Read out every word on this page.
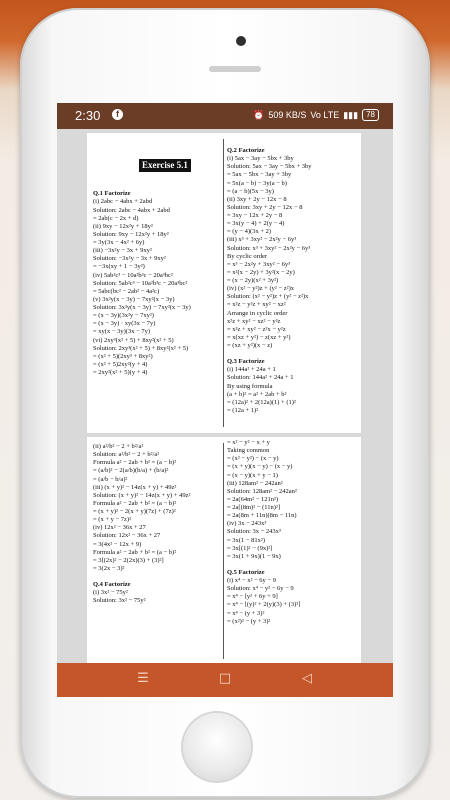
2:30	f	⏰ 509 KB/S Vo LTE ▮▮▮	78
Exercise 5.1
Q.1 Factorize
(i) 2abc − 4abx + 2abd
Solution: 2abc − 4abx + 2abd
= 2ab(c − 2x + d)
(ii) 9xy − 12x²y + 18y²
Solution: 9xy − 12x²y + 18y²
= 3y(3x − 4x² + 6y)
(iii) −3x²y − 3x + 9xy²
Solution: −3x²y − 3x + 9xy²
= −3x(xy + 1 − 3y²)
(iv) 5ab²c³ − 10a²b³c − 20a³bc²
Solution: 5ab²c³ − 10a²b³c − 20a³bc²
= 5abc(bc² − 2ab² − 4a²c)
(v) 3x²y(x − 3y) − 7xy²(x − 3y)
Solution: 3x²y(x − 3y) − 7xy²(x − 3y)
= (x − 3y)(3x²y − 7xy²)
= (x − 3y) · xy(3x − 7y)
= xy(x − 3y)(3x − 7y)
(vi) 2xy³(x² + 5) + 8xy²(x² + 5)
Solution: 2xy³(x² + 5) + 8xy²(x² + 5)
= (x² + 5)(2xy³ + 8xy²)
= (x² + 5)2xy²(y + 4)
= 2xy²(x² + 5)(y + 4)
Q.2 Factorize
(i) 5ax − 3ay − 5bx + 3by
Solution: 5ax − 3ay − 5bx + 3by
= 5ax − 5bx − 3ay + 3by
= 5x(a − b) − 3y(a − b)
= (a − b)(5x − 3y)
(ii) 3xy + 2y − 12x − 8
Solution: 3xy + 2y − 12x − 8
= 3xy − 12x + 2y − 8
= 3x(y − 4) + 2(y − 4)
= (y − 4)(3x + 2)
(iii) x³ + 3xy² − 2x²y − 6y³
Solution: x³ + 3xy² − 2x²y − 6y³
By cyclic order
= x³ − 2x²y + 3xy² − 6y³
= x²(x − 2y) + 3y²(x − 2y)
= (x − 2y)(x² + 3y²)
(iv) (x² − y²)z + (y² − z²)x
Solution: (x² − y²)z + (y² − z²)x
= x²z − y²z + xy² − xz²
Arrange in cyclic order
x²z + xy² − xz² − y²z
= x²z + xy² − z²x − y²z
= x(xz + y²) − z(xz + y²)
= (xz + y²)(x − z)
Q.3 Factorize
(i) 144a² + 24a + 1
Solution: 144a² + 24a + 1
By using formula
(a + b)² = a² + 2ab + b²
= (12a)² + 2(12a)(1) + (1)²
= (12a + 1)²
(ii) a²/b² − 2 + b²/a²
Solution: a²/b² − 2 + b²/a²
Formula a² − 2ab + b² = (a − b)²
= (a/b)² − 2(a/b)(b/a) + (b/a)²
= (a/b − b/a)²
(iii) (x + y)² − 14z(x + y) + 49z²
Solution: (x + y)² − 14z(x + y) + 49z²
Formula a² − 2ab + b² = (a − b)²
= (x + y)² − 2(x + y)(7z) + (7z)²
= (x + y − 7z)²
(iv) 12x² − 36x + 27
Solution: 12x² − 36x + 27
= 3(4x² − 12x + 9)
Formula a² − 2ab + b² = (a − b)²
= 3[(2x)² − 2(2x)(3) + (3)²]
= 3(2x − 3)²
Q.4 Factorize
(i) 3x² − 75y²
Solution: 3x² − 75y²
= x² − y² − x + y
Taking common
= (x² − y²) − (x − y)
= (x + y)(x − y) − (x − y)
= (x − y)(x + y − 1)
(iii) 128am² − 242an²
Solution: 128am² − 242an²
= 2a(64m² − 121n²)
= 2a[(8m)² − (11n)²]
= 2a(8m + 11n)(8m − 11n)
(iv) 3x − 243x³
Solution: 3x − 243x³
= 3x(1 − 81x²)
= 3x[(1)² − (9x)²]
= 3x(1 + 9x)(1 − 9x)
Q.5 Factorize
(i) x⁴ − x² − 6y − 9
Solution: x⁴ − y² − 6y − 9
= x⁴ − [y² + 6y + 9]
= x⁴ − [(y)² + 2(y)(3) + (3)²]
= x⁴ − (y + 3)²
= (x²)² − (y + 3)²
☰	□	◁
